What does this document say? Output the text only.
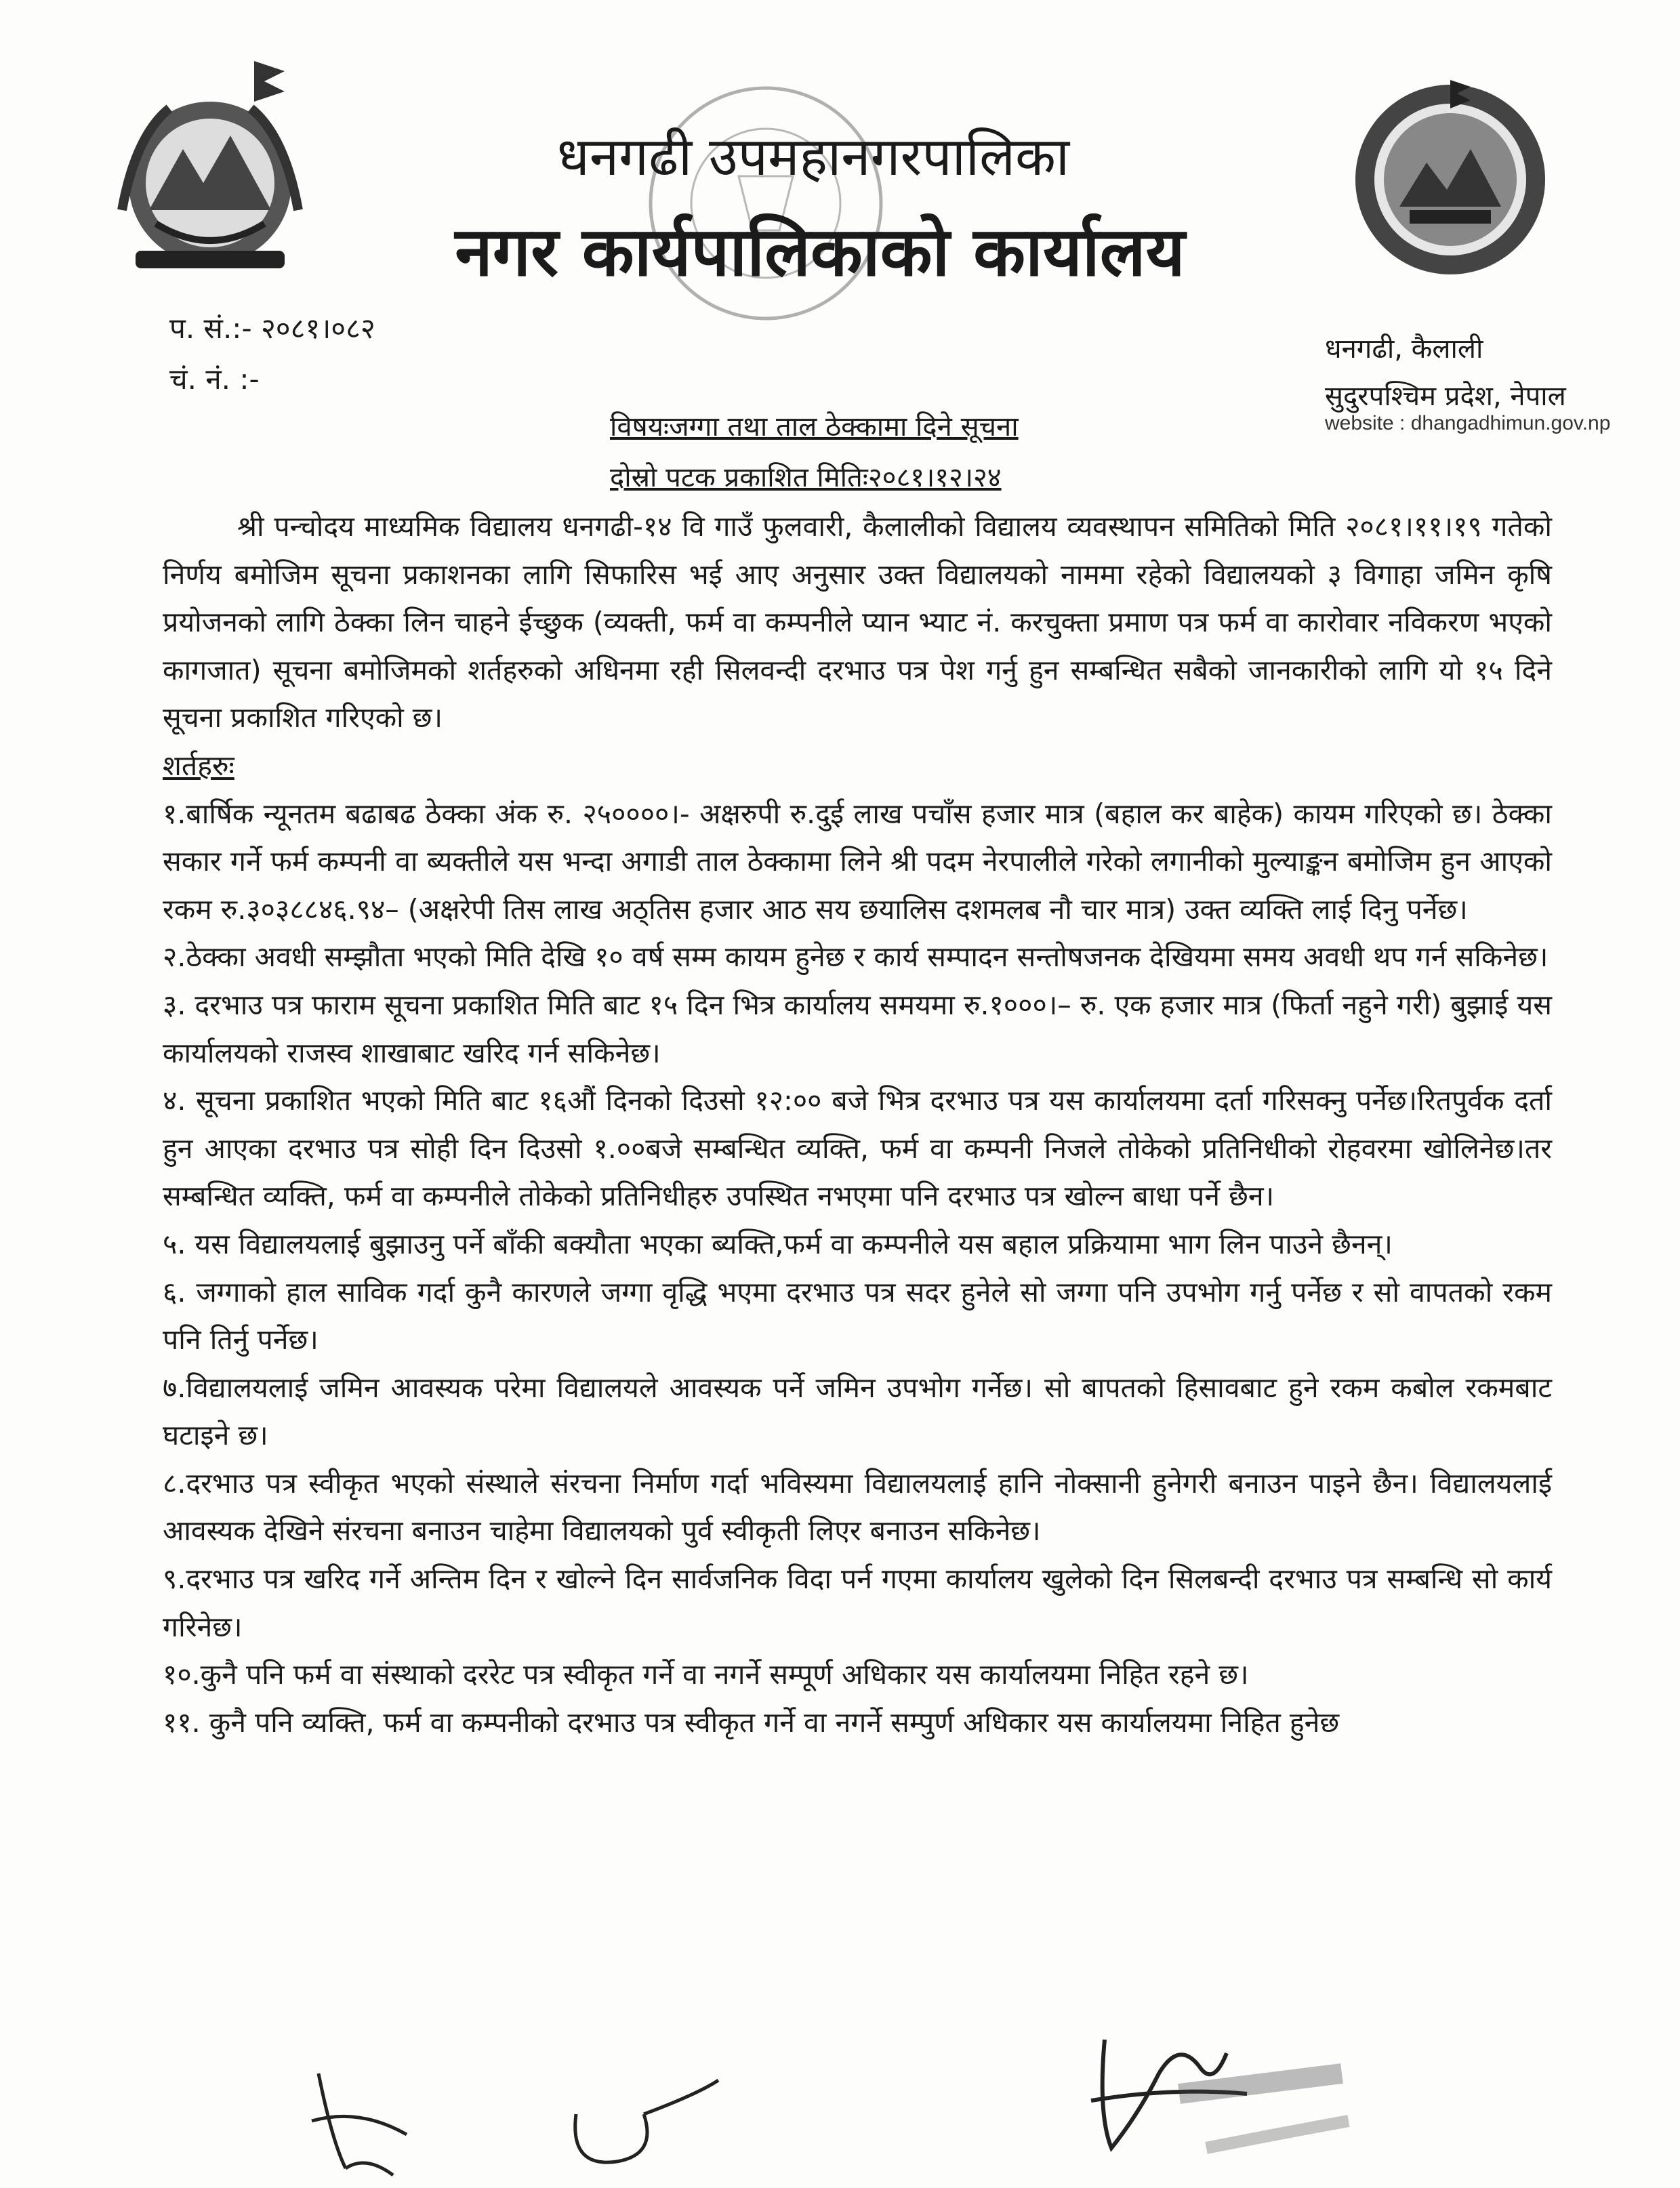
धनगढी उपमहानगरपालिका
नगर कार्यपालिकाको कार्यालय

प. सं.:- २०८१।०८२

चं. नं. :-

धनगढी, कैलाली

सुदुरपश्चिम प्रदेश, नेपाल

website : dhangadhimun.gov.np

विषयःजग्गा तथा ताल ठेक्कामा दिने सूचना

दोस्रो पटक प्रकाशित मितिः२०८१।१२।२४

श्री पन्चोदय माध्यमिक विद्यालय धनगढी-१४ वि गाउँ फुलवारी, कैलालीको विद्यालय व्यवस्थापन समितिको मिति २०८१।११।१९ गतेको निर्णय बमोजिम सूचना प्रकाशनका लागि सिफारिस भई आए अनुसार उक्त विद्यालयको नाममा रहेको विद्यालयको ३ विगाहा जमिन कृषि प्रयोजनको लागि ठेक्का लिन चाहने ईच्छुक (व्यक्ती, फर्म वा कम्पनीले प्यान भ्याट नं. करचुक्ता प्रमाण पत्र फर्म वा कारोवार नविकरण भएको कागजात) सूचना बमोजिमको शर्तहरुको अधिनमा रही सिलवन्दी दरभाउ पत्र पेश गर्नु हुन सम्बन्धित सबैको जानकारीको लागि यो १५ दिने सूचना प्रकाशित गरिएको छ।

शर्तहरुः

१.बार्षिक न्यूनतम बढाबढ ठेक्का अंक रु. २५००००।- अक्षरुपी रु.दुई लाख पचाँस हजार मात्र (बहाल कर बाहेक) कायम गरिएको छ। ठेक्का सकार गर्ने फर्म कम्पनी वा ब्यक्तीले यस भन्दा अगाडी ताल ठेक्कामा लिने श्री पदम नेरपालीले गरेको लगानीको मुल्याङ्कन बमोजिम हुन आएको रकम रु.३०३८८४६.९४– (अक्षरेपी तिस लाख अठ्तिस हजार आठ सय छयालिस दशमलब नौ चार मात्र) उक्त व्यक्ति लाई दिनु पर्नेछ।

२.ठेक्का अवधी सम्झौता भएको मिति देखि १० वर्ष सम्म कायम हुनेछ र कार्य सम्पादन सन्तोषजनक देखियमा समय अवधी थप गर्न सकिनेछ।

३. दरभाउ पत्र फाराम सूचना प्रकाशित मिति बाट १५ दिन भित्र कार्यालय समयमा रु.१०००।– रु. एक हजार मात्र (फिर्ता नहुने गरी) बुझाई यस कार्यालयको राजस्व शाखाबाट खरिद गर्न सकिनेछ।

४. सूचना प्रकाशित भएको मिति बाट १६औं दिनको दिउसो १२:०० बजे भित्र दरभाउ पत्र यस कार्यालयमा दर्ता गरिसक्नु पर्नेछ।रितपुर्वक दर्ता हुन आएका दरभाउ पत्र सोही दिन दिउसो १.००बजे सम्बन्धित व्यक्ति, फर्म वा कम्पनी निजले तोकेको प्रतिनिधीको रोहवरमा खोलिनेछ।तर सम्बन्धित व्यक्ति, फर्म वा कम्पनीले तोकेको प्रतिनिधीहरु उपस्थित नभएमा पनि दरभाउ पत्र खोल्न बाधा पर्ने छैन।

५. यस विद्यालयलाई बुझाउनु पर्ने बाँकी बक्यौता भएका ब्यक्ति,फर्म वा कम्पनीले यस बहाल प्रक्रियामा भाग लिन पाउने छैनन्।

६. जग्गाको हाल साविक गर्दा कुनै कारणले जग्गा वृद्धि भएमा दरभाउ पत्र सदर हुनेले सो जग्गा पनि उपभोग गर्नु पर्नेछ र सो वापतको रकम पनि तिर्नु पर्नेछ।

७.विद्यालयलाई जमिन आवस्यक परेमा विद्यालयले आवस्यक पर्ने जमिन उपभोग गर्नेछ। सो बापतको हिसावबाट हुने रकम कबोल रकमबाट घटाइने छ।

८.दरभाउ पत्र स्वीकृत भएको संस्थाले संरचना निर्माण गर्दा भविस्यमा विद्यालयलाई हानि नोक्सानी हुनेगरी बनाउन पाइने छैन। विद्यालयलाई आवस्यक देखिने संरचना बनाउन चाहेमा विद्यालयको पुर्व स्वीकृती लिएर बनाउन सकिनेछ।

९.दरभाउ पत्र खरिद गर्ने अन्तिम दिन र खोल्ने दिन सार्वजनिक विदा पर्न गएमा कार्यालय खुलेको दिन सिलबन्दी दरभाउ पत्र सम्बन्धि सो कार्य गरिनेछ।

१०.कुनै पनि फर्म वा संस्थाको दररेट पत्र स्वीकृत गर्ने वा नगर्ने सम्पूर्ण अधिकार यस कार्यालयमा निहित रहने छ।

११. कुनै पनि व्यक्ति, फर्म वा कम्पनीको दरभाउ पत्र स्वीकृत गर्ने वा नगर्ने सम्पुर्ण अधिकार यस कार्यालयमा निहित हुनेछ
